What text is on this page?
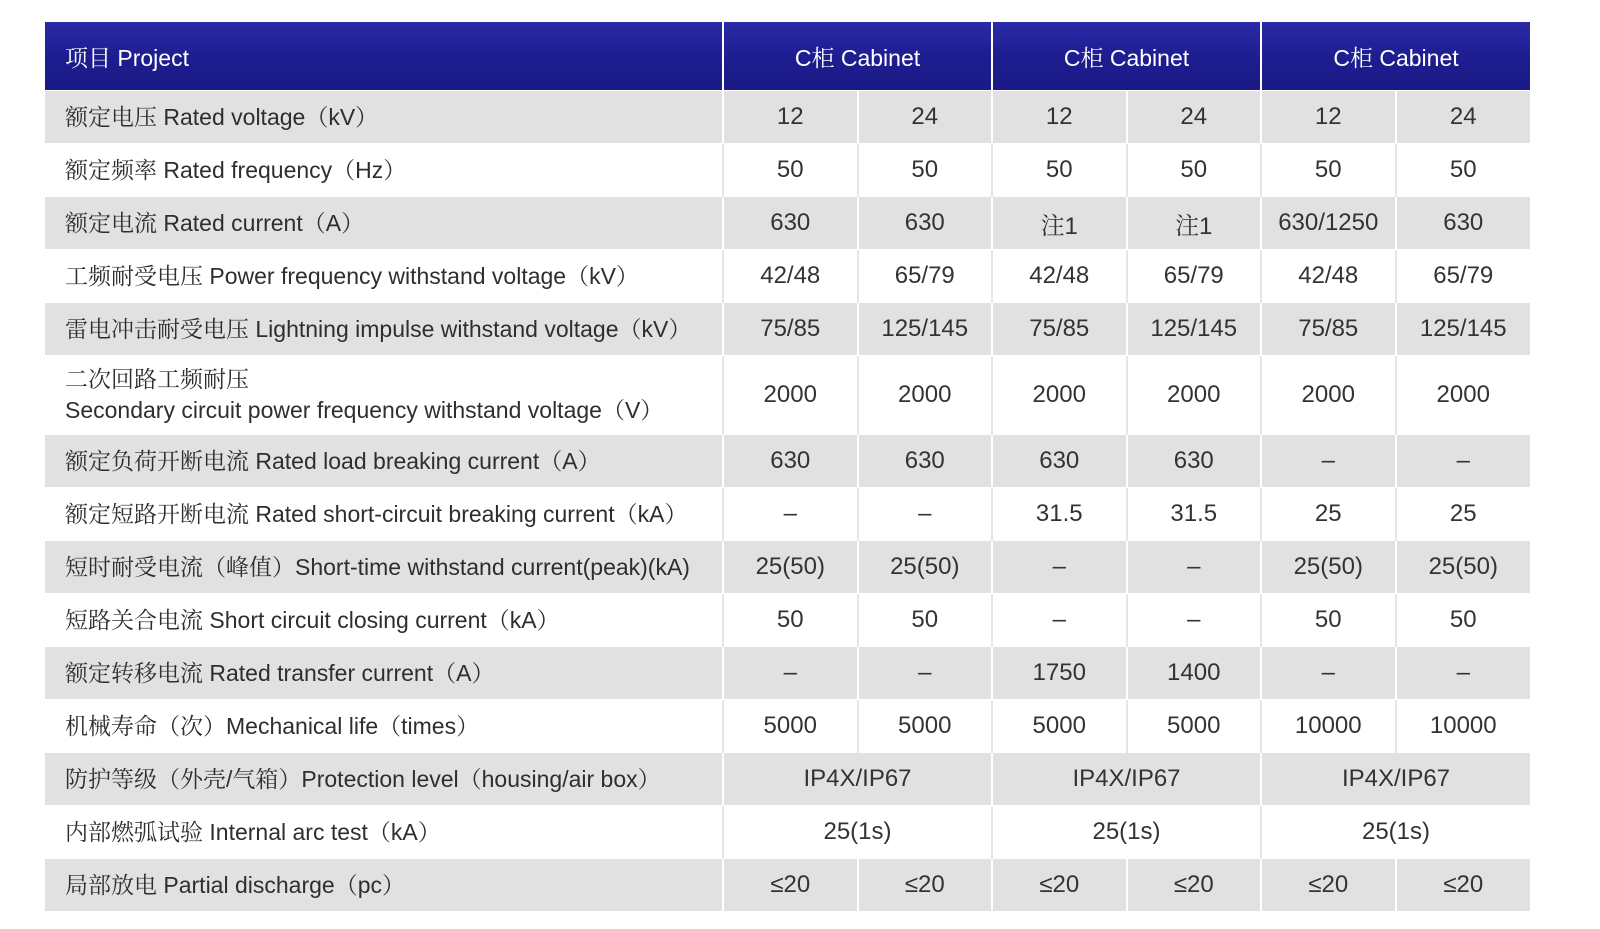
项目 Project	C柜 Cabinet		C柜 Cabinet		C柜 Cabinet	
额定电压 Rated voltage（kV）	12	24	12	24	12	24
额定频率 Rated frequency（Hz）	50	50	50	50	50	50
额定电流 Rated current（A）	630	630	注1	注1	630/1250	630
工频耐受电压 Power frequency withstand voltage（kV）	42/48	65/79	42/48	65/79	42/48	65/79
雷电冲击耐受电压 Lightning impulse withstand voltage（kV）	75/85	125/145	75/85	125/145	75/85	125/145

二次回路工频耐压
Secondary circuit power frequency withstand voltage（V）	2000	2000	2000	2000	2000	2000
额定负荷开断电流 Rated load breaking current（A）	630	630	630	630	–	–
额定短路开断电流 Rated short-circuit breaking current（kA）	–	–	31.5	31.5	25	25
短时耐受电流（峰值）Short-time withstand current(peak)(kA)	25(50)	25(50)	–	–	25(50)	25(50)
短路关合电流 Short circuit closing current（kA）	50	50	–	–	50	50
额定转移电流 Rated transfer current（A）	–	–	1750	1400	–	–
机械寿命（次）Mechanical life（times）	5000	5000	5000	5000	10000	10000
防护等级（外壳/气箱）Protection level（housing/air box）	IP4X/IP67		IP4X/IP67		IP4X/IP67	
内部燃弧试验 Internal arc test（kA）	25(1s)		25(1s)		25(1s)	
局部放电 Partial discharge（pc）	≤20	≤20	≤20	≤20	≤20	≤20
